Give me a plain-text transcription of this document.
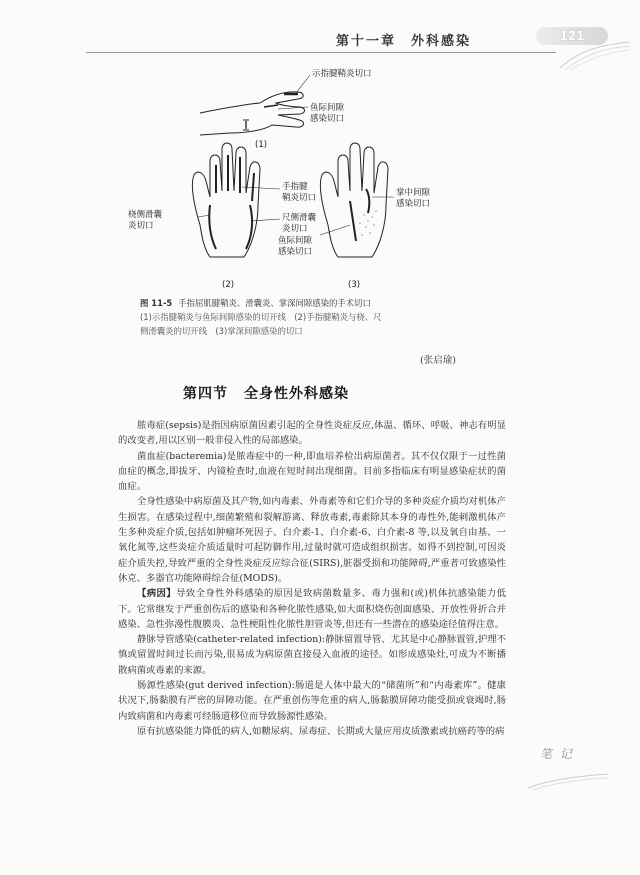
第十一章　外科感染	121
示指腱鞘炎切口
鱼际间隙
感染切口
(1)
手指腱
鞘炎切口
桡侧滑囊
炎切口
尺侧滑囊
炎切口
(2)
掌中间隙
感染切口
鱼际间隙
感染切口
(3)
图 11-5 手指屈肌腱鞘炎、滑囊炎、掌深间隙感染的手术切口
(1)示指腱鞘炎与鱼际间隙感染的切开线　(2)手指腱鞘炎与桡、尺
侧滑囊炎的切开线　(3)掌深间隙感染的切口
(张启瑜)
第四节 全身性外科感染

脓毒症(sepsis)是指因病原菌因素引起的全身性炎症反应,体温、循环、呼吸、神志有明显的改变者,用以区别一般非侵入性的局部感染。

菌血症(bacteremia)是脓毒症中的一种,即血培养检出病原菌者。其不仅仅限于一过性菌血症的概念,即拔牙、内镜检查时,血液在短时间出现细菌。目前多指临床有明显感染症状的菌血症。

全身性感染中病原菌及其产物,如内毒素、外毒素等和它们介导的多种炎症介质均对机体产生损害。在感染过程中,细菌繁殖和裂解游离、释放毒素,毒素除其本身的毒性外,能刺激机体产生多种炎症介质,包括如肿瘤坏死因子、白介素-1、白介素-6、白介素-8 等,以及氧自由基、一氧化氮等,这些炎症介质适量时可起防御作用,过量时就可造成组织损害。如得不到控制,可因炎症介质失控,导致严重的全身性炎症反应综合征(SIRS),脏器受损和功能障碍,严重者可致感染性休克、多器官功能障碍综合征(MODS)。

【病因】导致全身性外科感染的原因是致病菌数量多、毒力强和(或)机体抗感染能力低下。它常继发于严重创伤后的感染和各种化脓性感染,如大面积烧伤创面感染、开放性骨折合并感染、急性弥漫性腹膜炎、急性梗阻性化脓性胆管炎等,但还有一些潜在的感染途径值得注意。

静脉导管感染(catheter-related infection):静脉留置导管、尤其是中心静脉置管,护理不慎或留置时间过长而污染,很易成为病原菌直接侵入血液的途径。如形成感染灶,可成为不断播散病菌或毒素的来源。

肠源性感染(gut derived infection):肠道是人体中最大的“储菌所”和“内毒素库”。健康状况下,肠黏膜有严密的屏障功能。在严重创伤等危重的病人,肠黏膜屏障功能受损或衰竭时,肠内致病菌和内毒素可经肠道移位而导致肠源性感染。

原有抗感染能力降低的病人,如糖尿病、尿毒症、长期或大量应用皮质激素或抗癌药等的病

笔 记
